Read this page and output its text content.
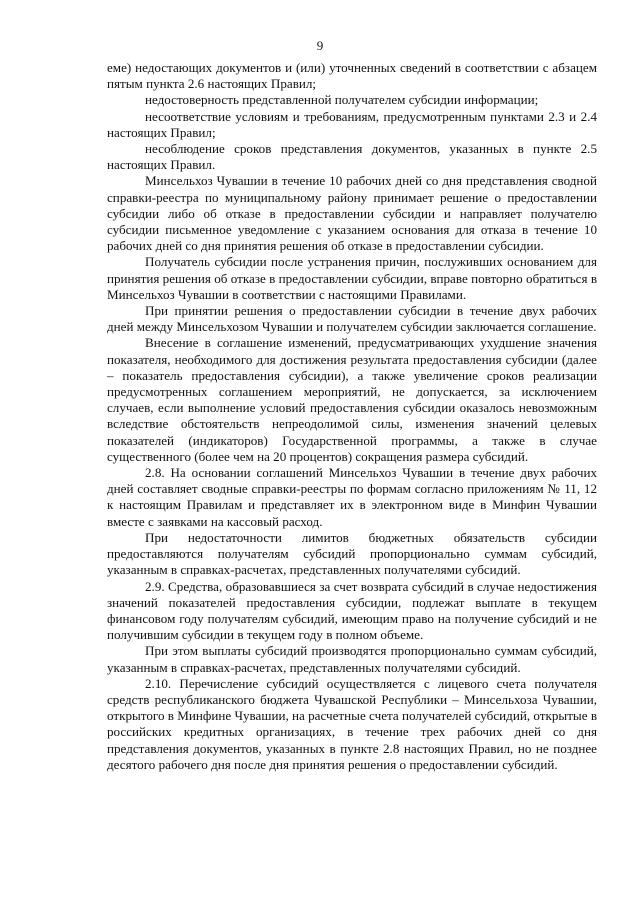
9

еме) недостающих документов и (или) уточненных сведений в соответствии с абзацем пятым пункта 2.6 настоящих Правил;

недостоверность представленной получателем субсидии информации;

несоответствие условиям и требованиям, предусмотренным пунктами 2.3 и 2.4 настоящих Правил;

несоблюдение сроков представления документов, указанных в пункте 2.5 настоящих Правил.

Минсельхоз Чувашии в течение 10 рабочих дней со дня представления сводной справки-реестра по муниципальному району принимает решение о предоставлении субсидии либо об отказе в предоставлении субсидии и направляет получателю субсидии письменное уведомление с указанием основания для отказа в течение 10 рабочих дней со дня принятия решения об отказе в предоставлении субсидии.

Получатель субсидии после устранения причин, послуживших основанием для принятия решения об отказе в предоставлении субсидии, вправе повторно обратиться в Минсельхоз Чувашии в соответствии с настоящими Правилами.

При принятии решения о предоставлении субсидии в течение двух рабочих дней между Минсельхозом Чувашии и получателем субсидии заключается соглашение.

Внесение в соглашение изменений, предусматривающих ухудшение значения показателя, необходимого для достижения результата предоставления субсидии (далее – показатель предоставления субсидии), а также увеличение сроков реализации предусмотренных соглашением мероприятий, не допускается, за исключением случаев, если выполнение условий предоставления субсидии оказалось невозможным вследствие обстоятельств непреодолимой силы, изменения значений целевых показателей (индикаторов) Государственной программы, а также в случае существенного (более чем на 20 процентов) сокращения размера субсидий.

2.8. На основании соглашений Минсельхоз Чувашии в течение двух рабочих дней составляет сводные справки-реестры по формам согласно приложениям № 11, 12 к настоящим Правилам и представляет их в электронном виде в Минфин Чувашии вместе с заявками на кассовый расход.

При недостаточности лимитов бюджетных обязательств субсидии предоставляются получателям субсидий пропорционально суммам субсидий, указанным в справках-расчетах, представленных получателями субсидий.

2.9. Средства, образовавшиеся за счет возврата субсидий в случае недостижения значений показателей предоставления субсидии, подлежат выплате в текущем финансовом году получателям субсидий, имеющим право на получение субсидий и не получившим субсидии в текущем году в полном объеме.

При этом выплаты субсидий производятся пропорционально суммам субсидий, указанным в справках-расчетах, представленных получателями субсидий.

2.10. Перечисление субсидий осуществляется с лицевого счета получателя средств республиканского бюджета Чувашской Республики – Минсельхоза Чувашии, открытого в Минфине Чувашии, на расчетные счета получателей субсидий, открытые в российских кредитных организациях, в течение трех рабочих дней со дня представления документов, указанных в пункте 2.8 настоящих Правил, но не позднее десятого рабочего дня после дня принятия решения о предоставлении субсидий.
